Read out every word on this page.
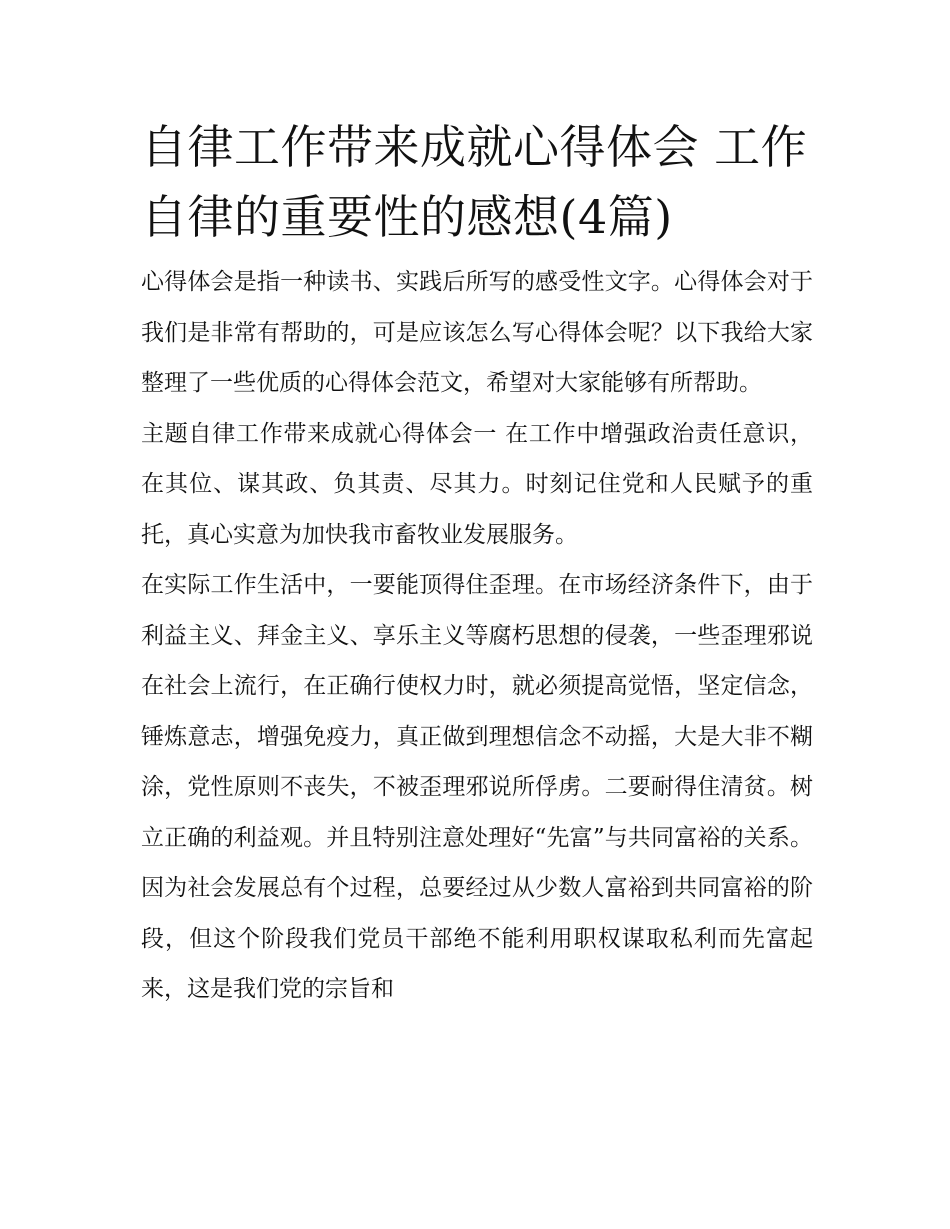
自律工作带来成就心得体会 工作自律的重要性的感想(4篇)

心得体会是指一种读书、实践后所写的感受性文字。心得体会对于我们是非常有帮助的，可是应该怎么写心得体会呢？以下我给大家整理了一些优质的心得体会范文，希望对大家能够有所帮助。

主题自律工作带来成就心得体会一 在工作中增强政治责任意识，在其位、谋其政、负其责、尽其力。时刻记住党和人民赋予的重托，真心实意为加快我市畜牧业发展服务。

在实际工作生活中，一要能顶得住歪理。在市场经济条件下，由于利益主义、拜金主义、享乐主义等腐朽思想的侵袭，一些歪理邪说在社会上流行，在正确行使权力时，就必须提高觉悟，坚定信念，锤炼意志，增强免疫力，真正做到理想信念不动摇，大是大非不糊涂，党性原则不丧失，不被歪理邪说所俘虏。二要耐得住清贫。树立正确的利益观。并且特别注意处理好“先富”与共同富裕的关系。因为社会发展总有个过程，总要经过从少数人富裕到共同富裕的阶段，但这个阶段我们党员干部绝不能利用职权谋取私利而先富起来，这是我们党的宗旨和
